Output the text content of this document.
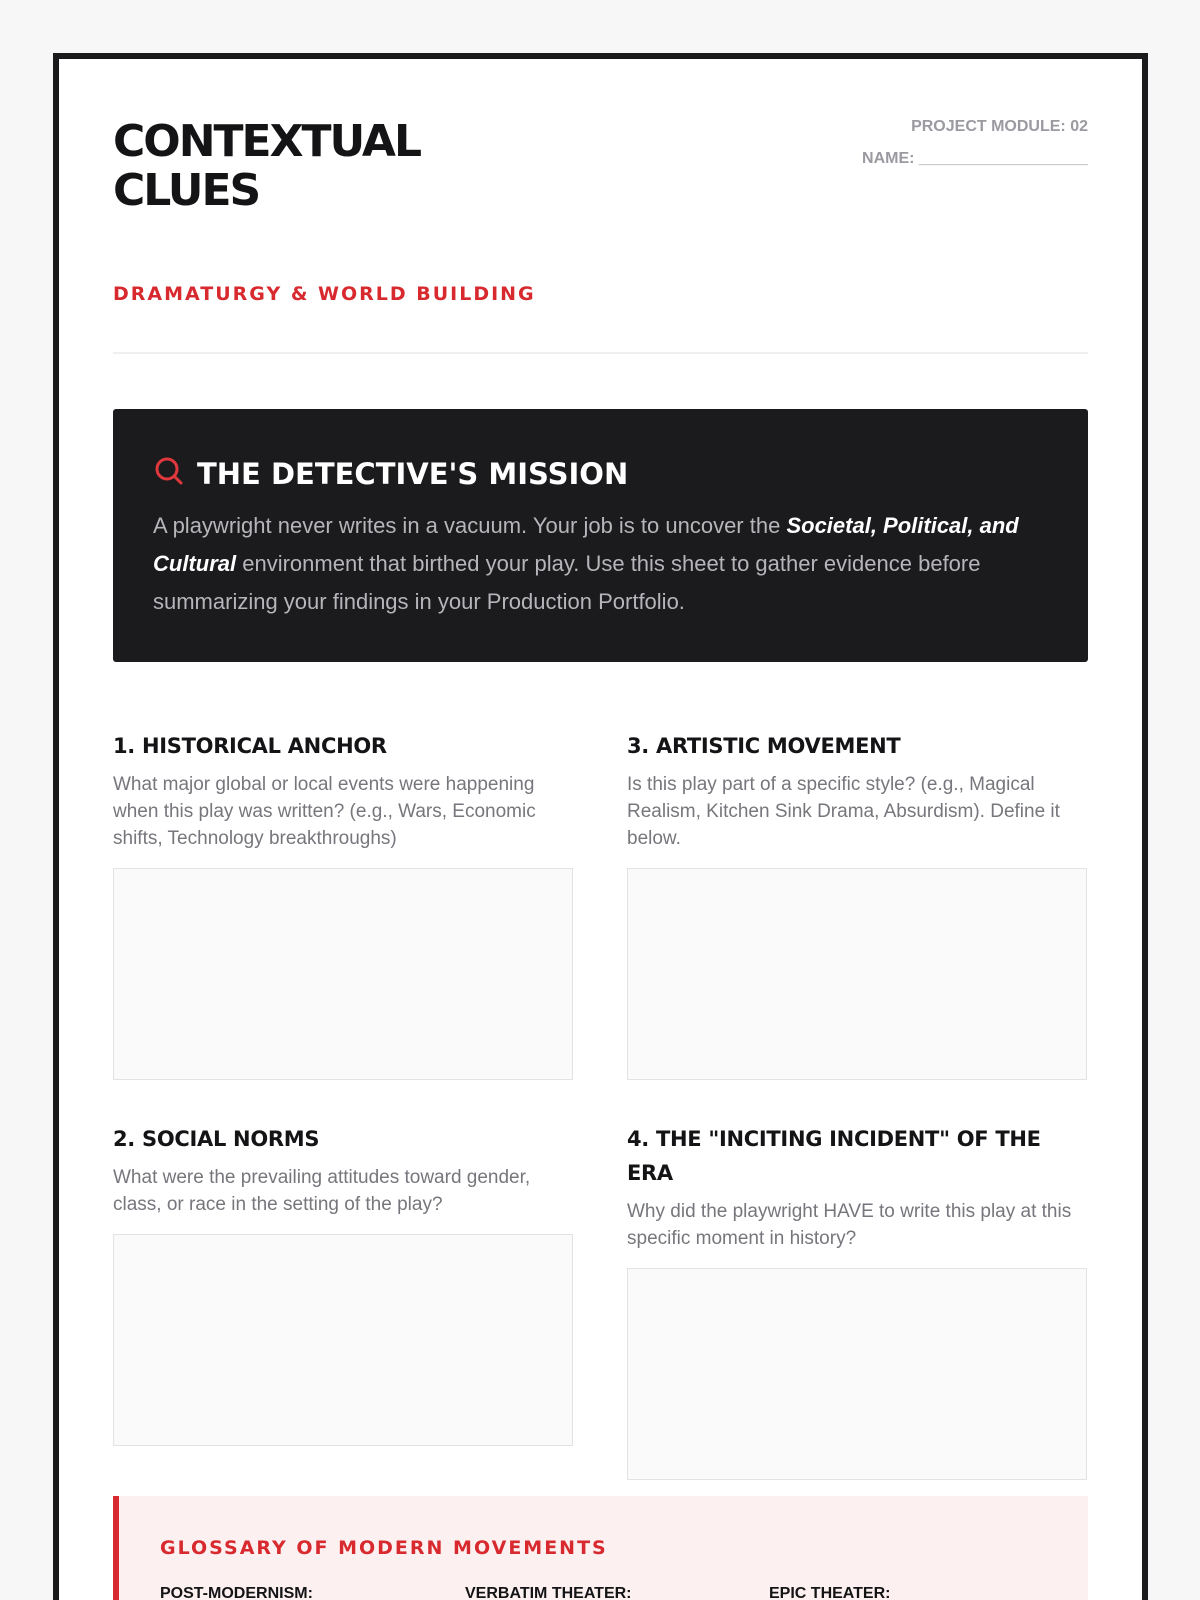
CONTEXTUAL
CLUES
PROJECT MODULE: 02
NAME: ___________________
DRAMATURGY & WORLD BUILDING
THE DETECTIVE'S MISSION
A playwright never writes in a vacuum. Your job is to uncover the Societal, Political, and Cultural environment that birthed your play. Use this sheet to gather evidence before summarizing your findings in your Production Portfolio.
1. HISTORICAL ANCHOR

What major global or local events were happening when this play was written? (e.g., Wars, Economic shifts, Technology breakthroughs)

3. ARTISTIC MOVEMENT

Is this play part of a specific style? (e.g., Magical Realism, Kitchen Sink Drama, Absurdism). Define it below.

2. SOCIAL NORMS

What were the prevailing attitudes toward gender, class, or race in the setting of the play?

4. THE "INCITING INCIDENT" OF THE ERA

Why did the playwright HAVE to write this play at this specific moment in history?

GLOSSARY OF MODERN MOVEMENTS
POST-MODERNISM:	VERBATIM THEATER:	EPIC THEATER:
